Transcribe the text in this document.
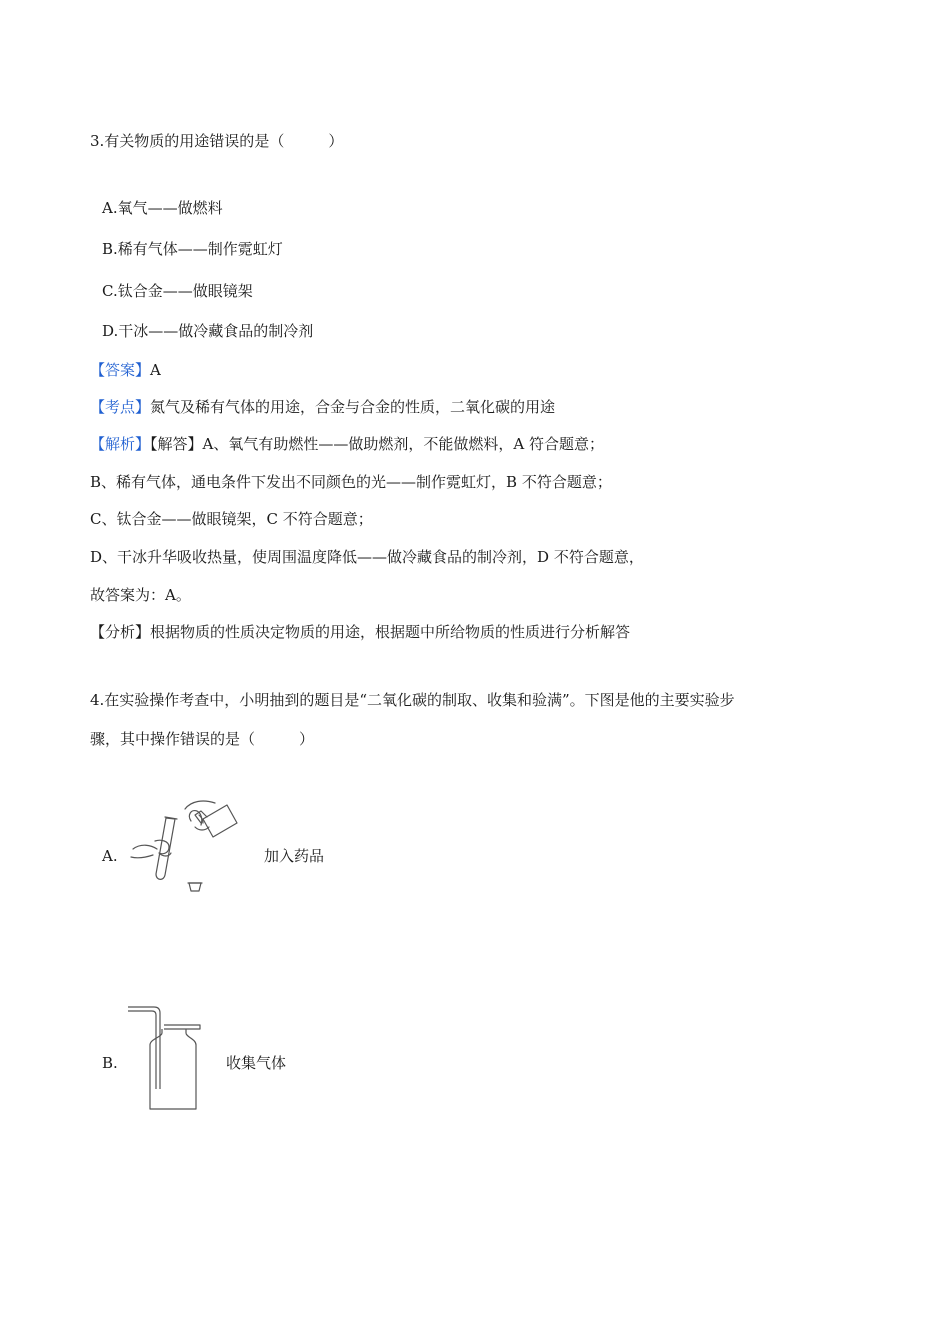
3.有关物质的用途错误的是（	）
A.氧气——做燃料
B.稀有气体——制作霓虹灯
C.钛合金——做眼镜架
D.干冰——做冷藏食品的制冷剂
【答案】A
【考点】氮气及稀有气体的用途，合金与合金的性质，二氧化碳的用途
【解析】【解答】A、氧气有助燃性——做助燃剂，不能做燃料，A 符合题意；
B、稀有气体，通电条件下发出不同颜色的光——制作霓虹灯，B 不符合题意；
C、钛合金——做眼镜架，C 不符合题意；
D、干冰升华吸收热量，使周围温度降低——做冷藏食品的制冷剂，D 不符合题意，
故答案为：A。
【分析】根据物质的性质决定物质的用途，根据题中所给物质的性质进行分析解答
4.在实验操作考查中，小明抽到的题目是“二氧化碳的制取、收集和验满”。下图是他的主要实验步
骤，其中操作错误的是（	）
A.	加入药品
B.	收集气体
